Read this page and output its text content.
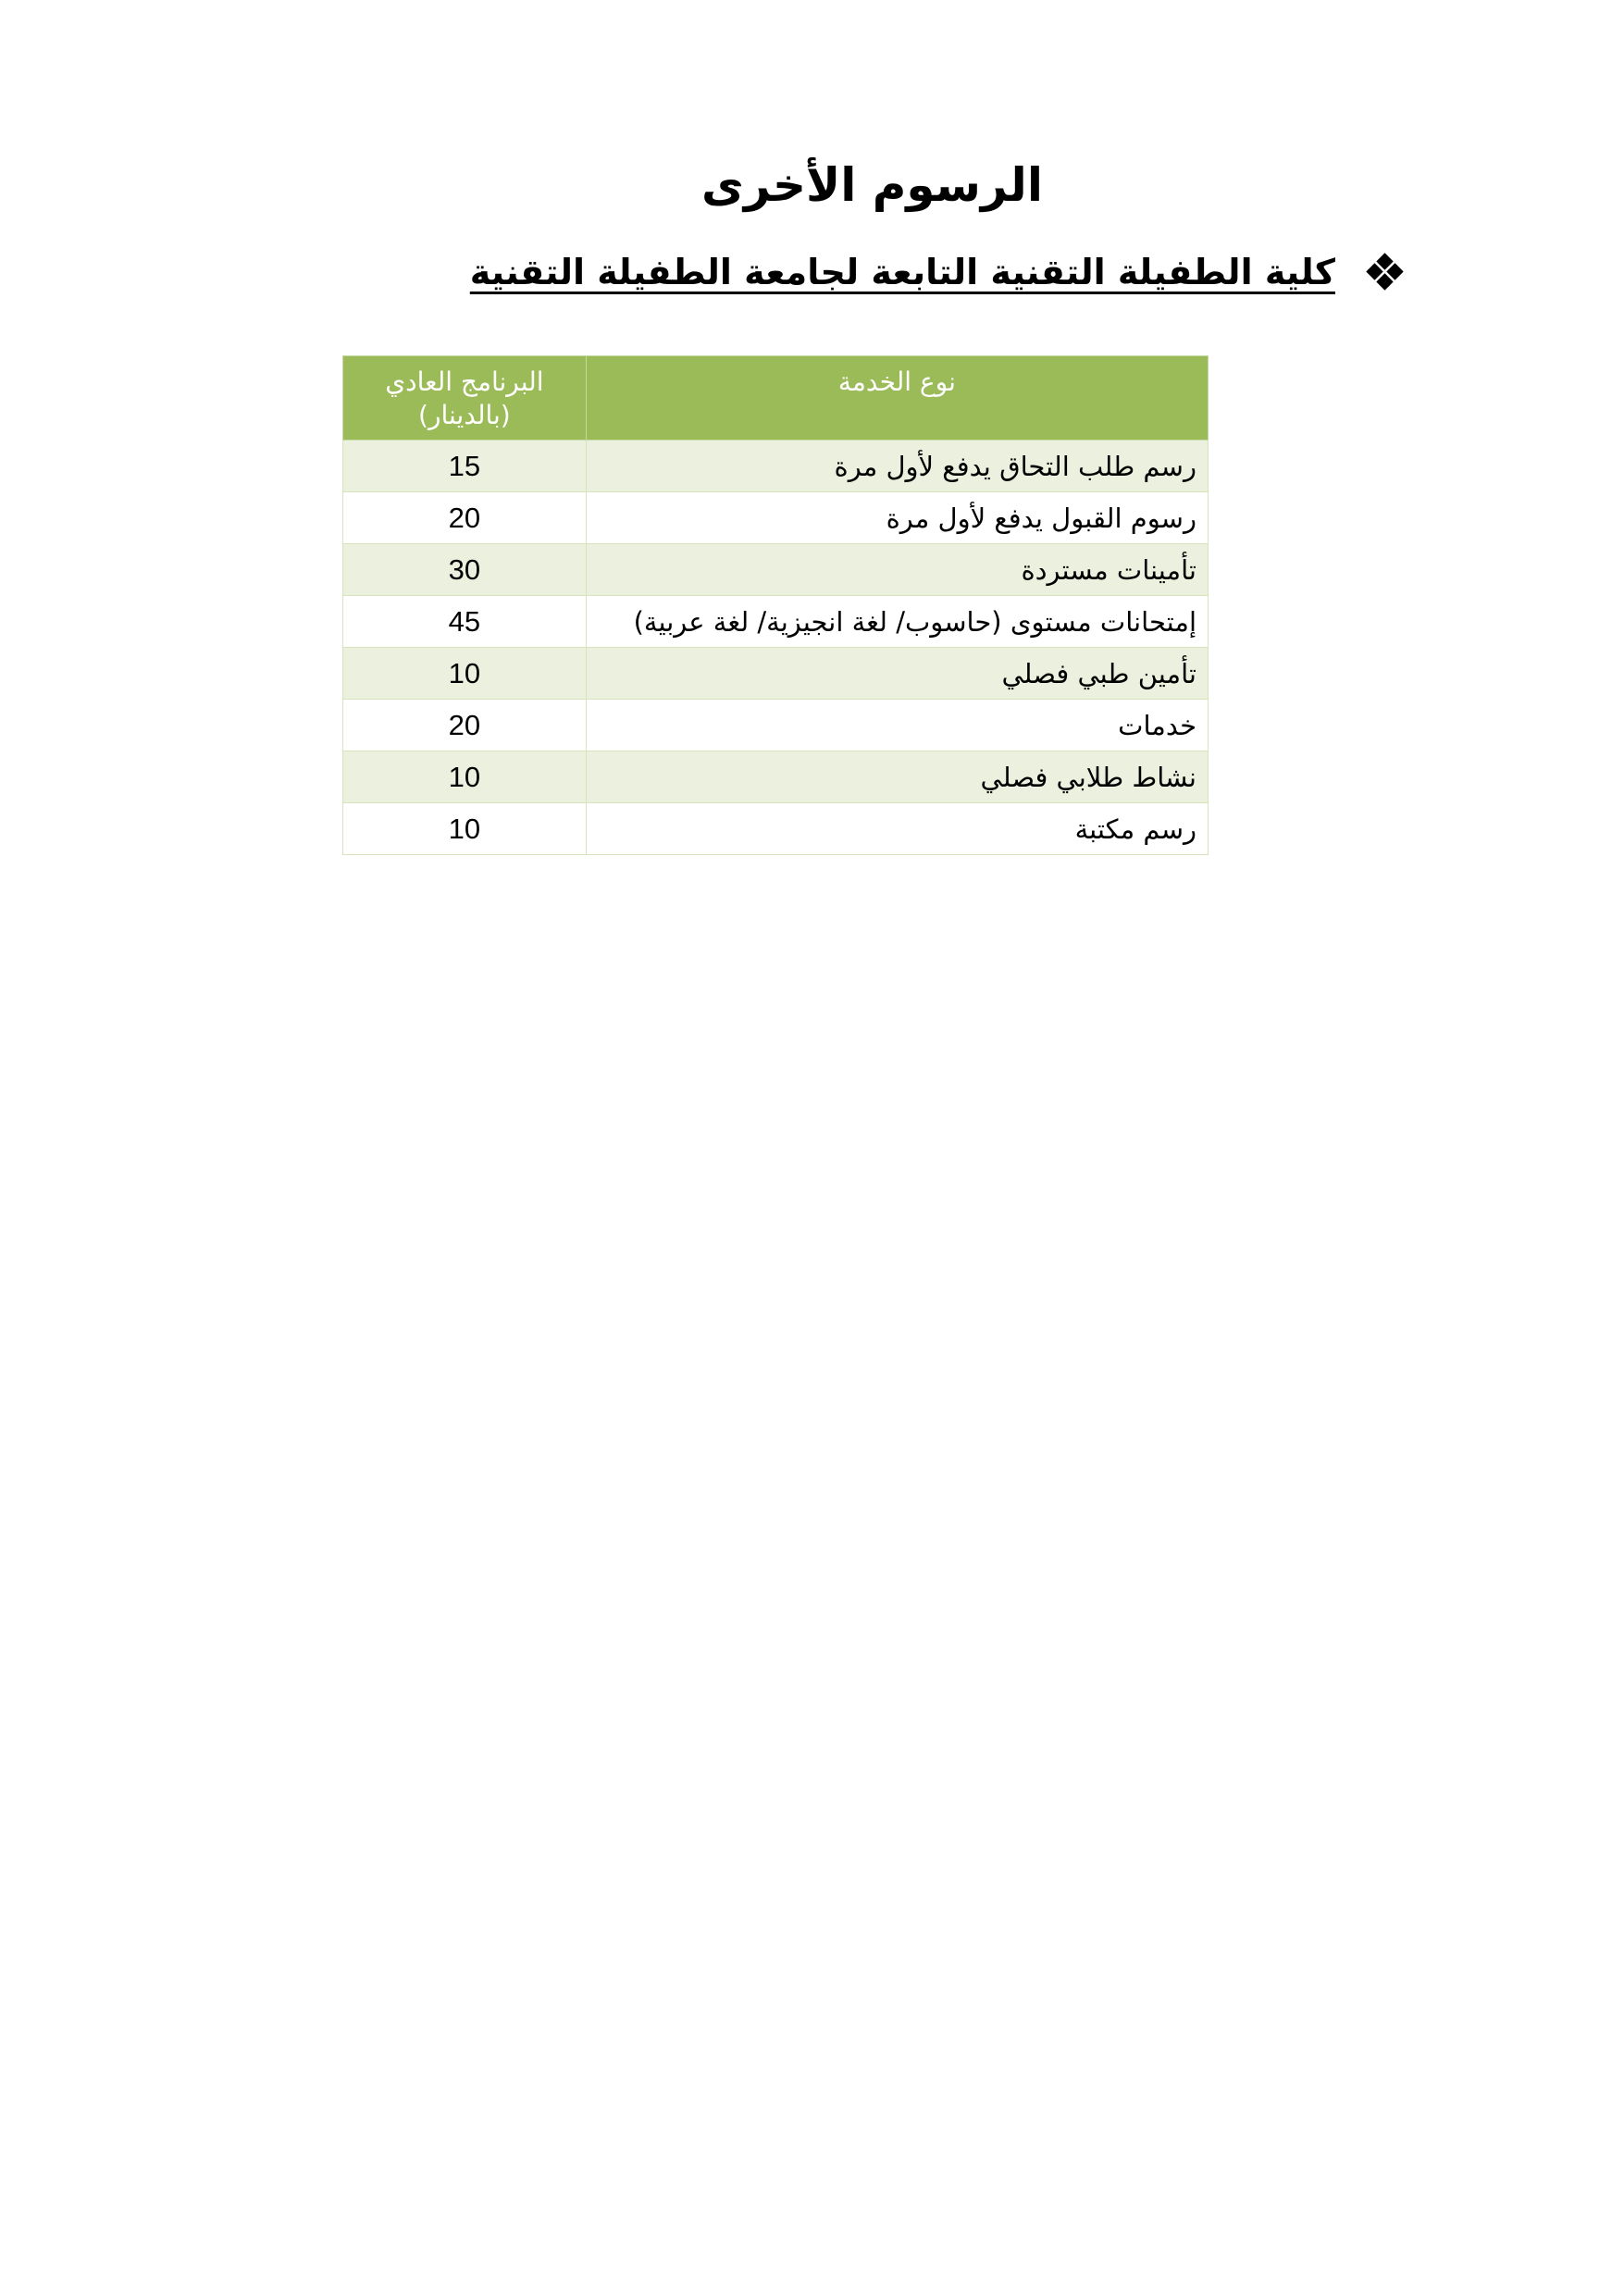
الرسوم الأخرى
كلية الطفيلة التقنية التابعة لجامعة الطفيلة التقنية
نوع الخدمة	البرنامج العادي (بالدينار)
رسم طلب التحاق يدفع لأول مرة	15
رسوم القبول يدفع لأول مرة	20
تأمينات مستردة	30
إمتحانات مستوى (حاسوب/ لغة انجيزية/ لغة عربية)	45
تأمين طبي فصلي	10
خدمات	20
نشاط طلابي فصلي	10
رسم مكتبة	10
